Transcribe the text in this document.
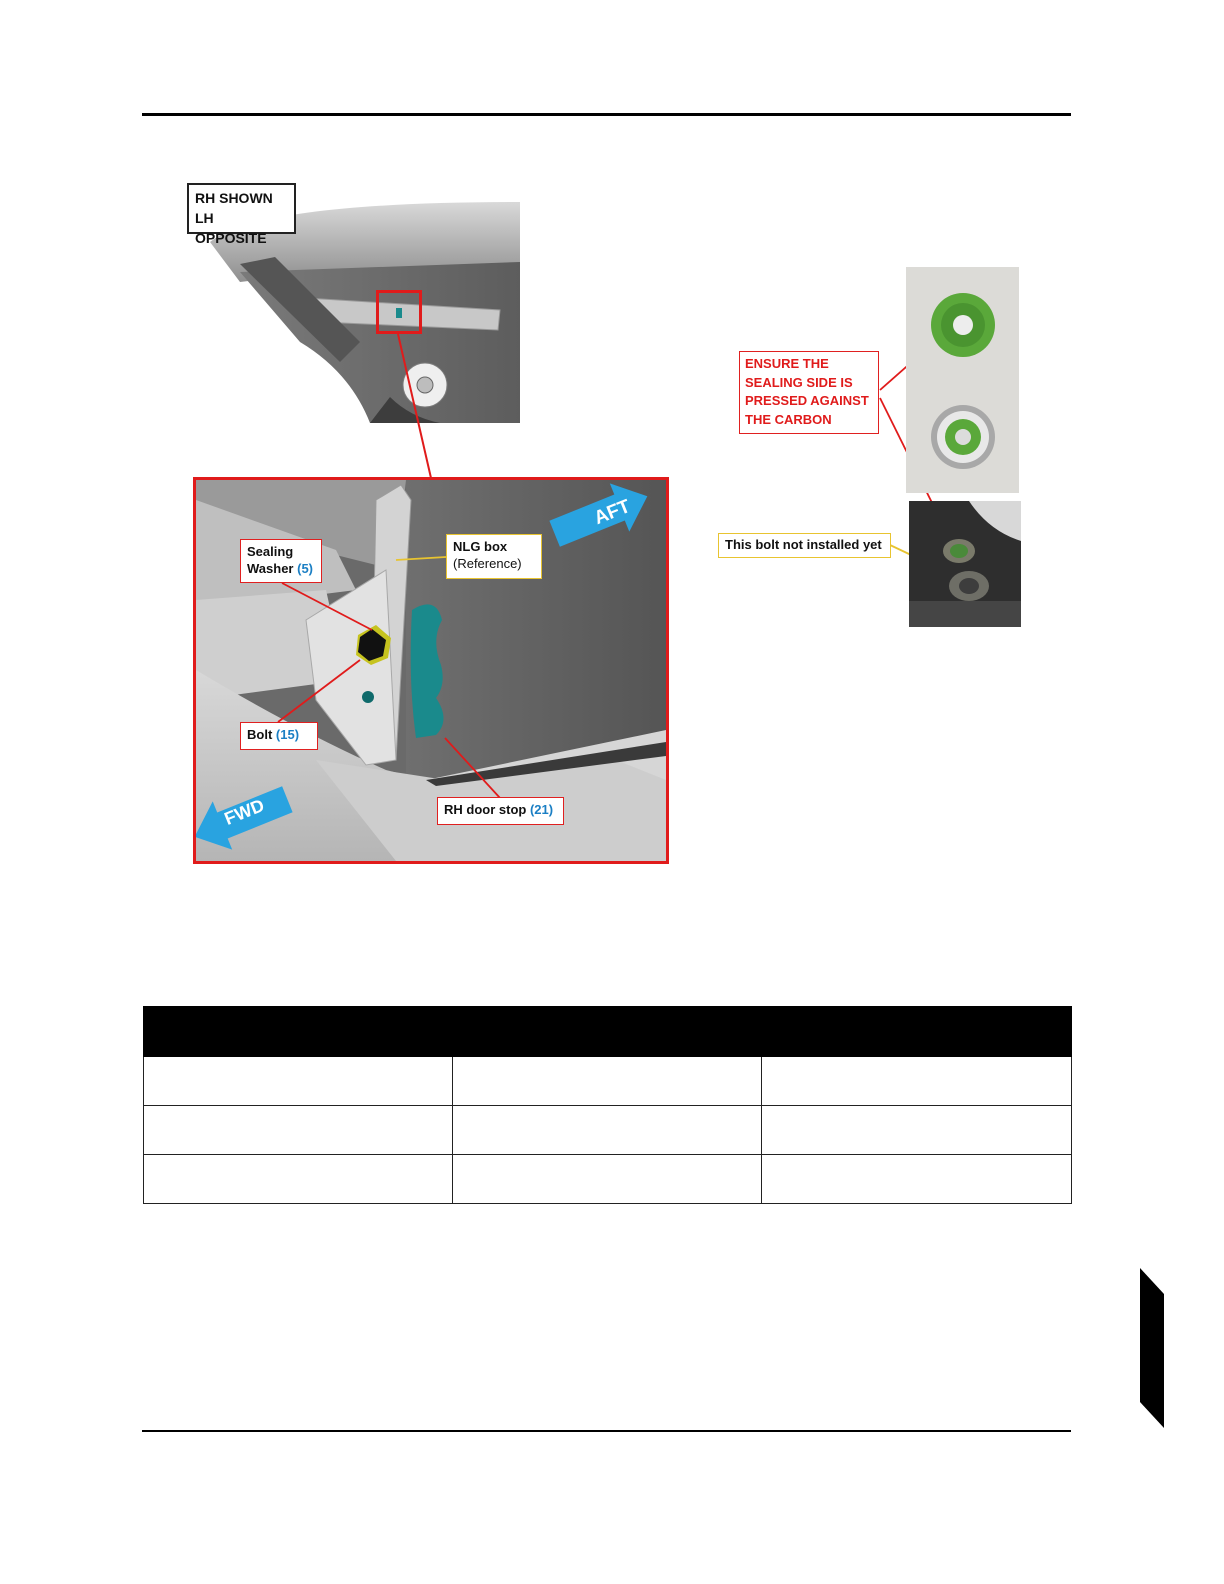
RH SHOWN
LH OPPOSITE
AFT
FWD
Sealing
Washer (5)
NLG box
(Reference)
Bolt (15)
RH door stop (21)
ENSURE THE
SEALING SIDE IS
PRESSED AGAINST
THE CARBON
This bolt not installed yet
